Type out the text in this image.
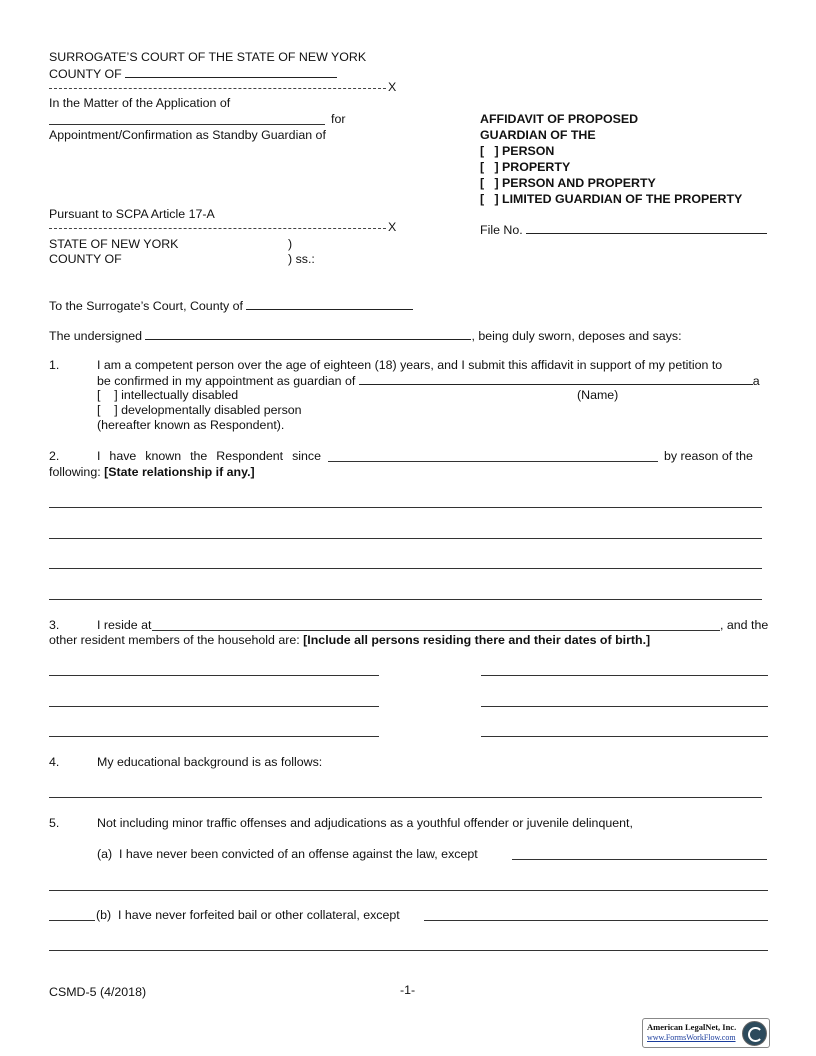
SURROGATE’S COURT OF THE STATE OF NEW YORK
COUNTY OF
X
In the Matter of the Application of
for
Appointment/Confirmation as Standby Guardian of
Pursuant to SCPA Article 17-A
X
AFFIDAVIT OF PROPOSED
GUARDIAN OF THE
[   ] PERSON
[   ] PROPERTY
[   ] PERSON AND PROPERTY
[   ] LIMITED GUARDIAN OF THE PROPERTY
File No.
STATE OF NEW YORK	)
COUNTY OF	) ss.:
To the Surrogate’s Court, County of
The undersigned	, being duly sworn, deposes and says:
1.	I am a competent person over the age of eighteen (18) years, and I submit this affidavit in support of my petition to
be confirmed in my appointment as guardian of	a
[    ] intellectually disabled	(Name)
[    ] developmentally disabled person
(hereafter known as Respondent).
2.	I have known the Respondent since	by reason of the
following: [State relationship if any.]
3.	I reside at	, and the
other resident members of the household are: [Include all persons residing there and their dates of birth.]
4.	My educational background is as follows:
5.	Not including minor traffic offenses and adjudications as a youthful offender or juvenile delinquent,
(a)  I have never been convicted of an offense against the law, except
(b)  I have never forfeited bail or other collateral, except
CSMD-5 (4/2018)	-1-
American LegalNet, Inc.
www.FormsWorkFlow.com
